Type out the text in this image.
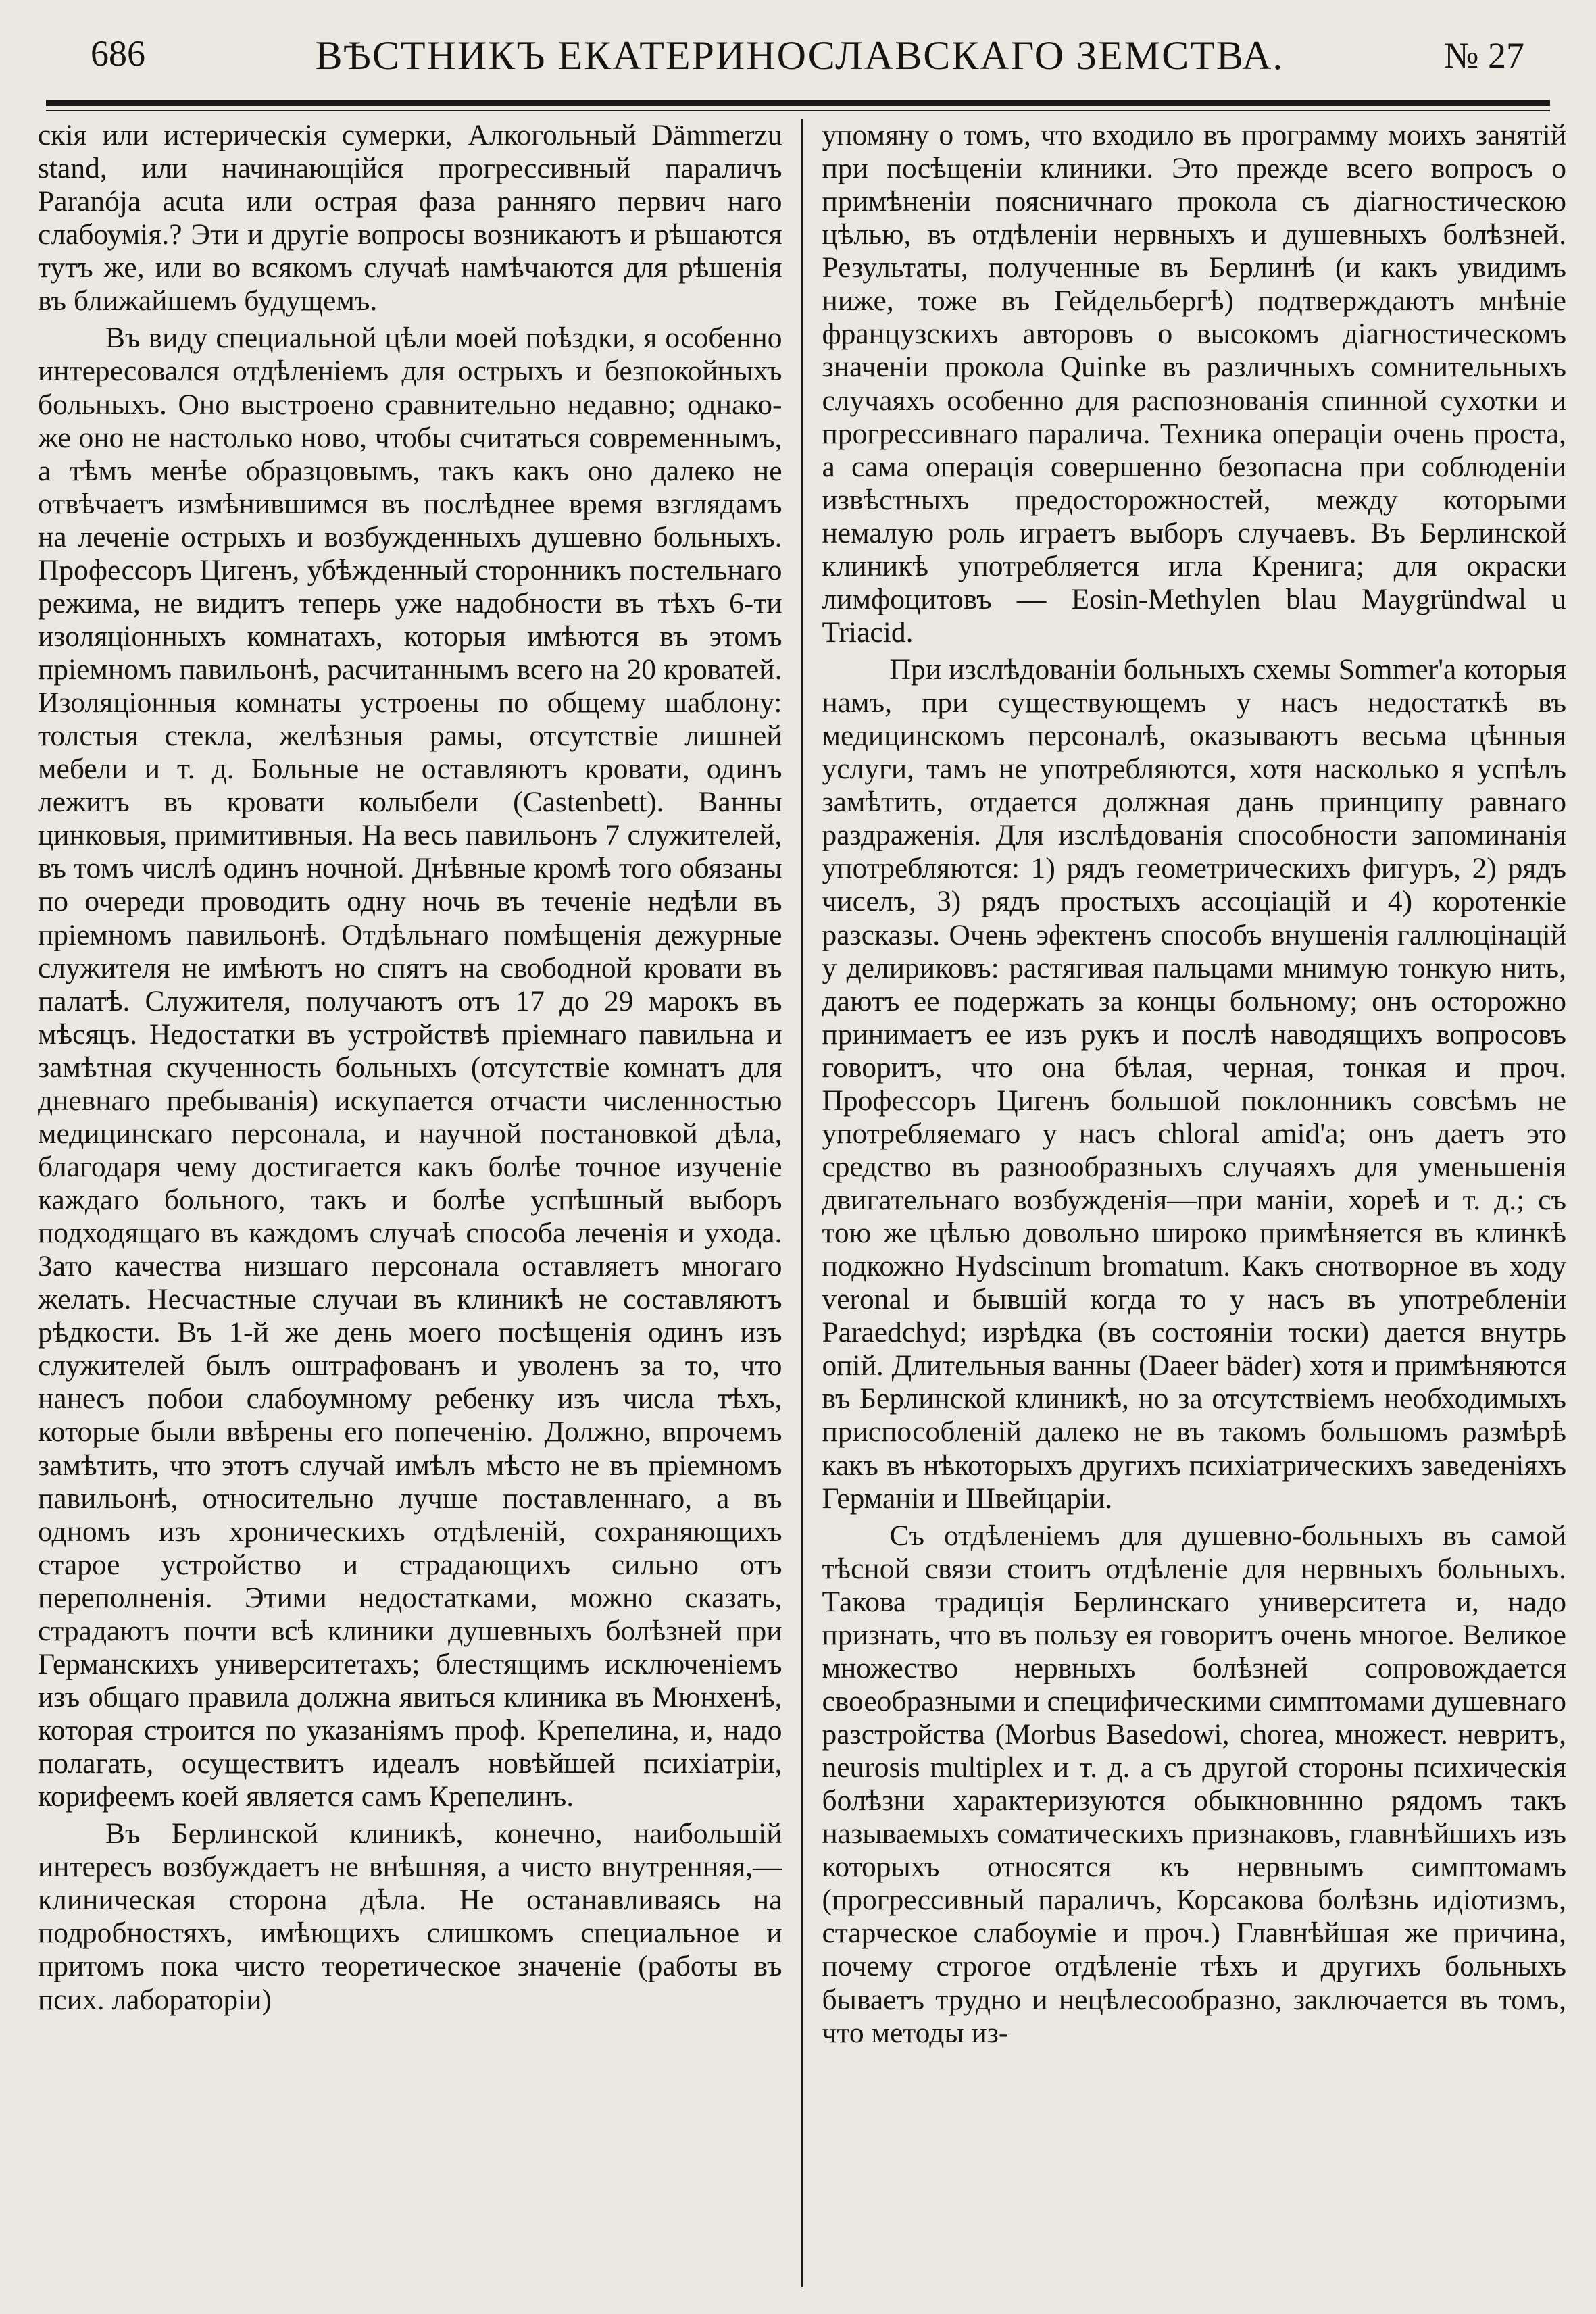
686	ВѢСТНИКЪ ЕКАТЕРИНОСЛАВСКАГО ЗЕМСТВА.	№ 27

скія или истерическія сумерки, Алкогольный Dämmerzu stand, или начинающійся прогрессивный параличъ Paranója acuta или острая фаза ранняго первич наго слабоумія.? Эти и другіе вопросы возникаютъ и рѣшаются тутъ же, или во всякомъ случаѣ намѣчаются для рѣшенія въ ближайшемъ будущемъ.

Въ виду специальной цѣли моей поѣздки, я особенно интересовался отдѣленіемъ для острыхъ и безпокойныхъ больныхъ. Оно выстроено сравнительно недавно; однако-же оно не настолько ново, чтобы считаться современнымъ, а тѣмъ менѣе образцовымъ, такъ какъ оно далеко не отвѣчаетъ измѣнившимся въ послѣднее время взглядамъ на леченіе острыхъ и возбужденныхъ душевно больныхъ. Профессоръ Цигенъ, убѣжденный сторонникъ постельнаго режима, не видитъ теперь уже надобности въ тѣхъ 6-ти изоляціонныхъ комнатахъ, которыя имѣются въ этомъ пріемномъ павильонѣ, расчитаннымъ всего на 20 кроватей. Изоляціонныя комнаты устроены по общему шаблону: толстыя стекла, желѣзныя рамы, отсутствіе лишней мебели и т. д. Больные не оставляютъ кровати, одинъ лежитъ въ кровати колыбели (Castenbett). Ванны цинковыя, примитивныя. На весь павильонъ 7 служителей, въ томъ числѣ одинъ ночной. Днѣвные кромѣ того обязаны по очереди проводить одну ночь въ теченіе недѣли въ пріемномъ павильонѣ. Отдѣльнаго помѣщенія дежурные служителя не имѣютъ но спятъ на свободной кровати въ палатѣ. Служителя, получаютъ отъ 17 до 29 марокъ въ мѣсяцъ. Недостатки въ устройствѣ пріемнаго павильна и замѣтная скученность больныхъ (отсутствіе комнатъ для дневнаго пребыванія) искупается отчасти численностью медицинскаго персонала, и научной постановкой дѣла, благодаря чему достигается какъ болѣе точное изученіе каждаго больного, такъ и болѣе успѣшный выборъ подходящаго въ каждомъ случаѣ способа леченія и ухода. Зато качества низшаго персонала оставляетъ многаго желать. Несчастные случаи въ клиникѣ не составляютъ рѣдкости. Въ 1-й же день моего посѣщенія одинъ изъ служителей былъ оштрафованъ и уволенъ за то, что нанесъ побои слабоумному ребенку изъ числа тѣхъ, которые были ввѣрены его попеченію. Должно, впрочемъ замѣтить, что этотъ случай имѣлъ мѣсто не въ пріемномъ павильонѣ, относительно лучше поставленнаго, а въ одномъ изъ хроническихъ отдѣленій, сохраняющихъ старое устройство и страдающихъ сильно отъ переполненія. Этими недостатками, можно сказать, страдаютъ почти всѣ клиники душевныхъ болѣзней при Германскихъ университетахъ; блестящимъ исключеніемъ изъ общаго правила должна явиться клиника въ Мюнхенѣ, которая строится по указаніямъ проф. Крепелина, и, надо полагать, осуществитъ идеалъ новѣйшей психіатріи, корифеемъ коей является самъ Крепелинъ.

Въ Берлинской клиникѣ, конечно, наибольшій интересъ возбуждаетъ не внѣшняя, а чисто внутренняя,—клиническая сторона дѣла. Не останавливаясь на подробностяхъ, имѣющихъ слишкомъ специальное и притомъ пока чисто теоретическое значеніе (работы въ псих. лабораторіи)

упомяну о томъ, что входило въ программу моихъ занятій при посѣщеніи клиники. Это прежде всего вопросъ о примѣненіи поясничнаго прокола съ діагностическою цѣлью, въ отдѣленіи нервныхъ и душевныхъ болѣзней. Результаты, полученные въ Берлинѣ (и какъ увидимъ ниже, тоже въ Гейдельбергѣ) подтверждаютъ мнѣніе французскихъ авторовъ о высокомъ діагностическомъ значеніи прокола Quinke въ различныхъ сомнительныхъ случаяхъ особенно для распознованія спинной сухотки и прогрессивнаго паралича. Техника операціи очень проста, а сама операція совершенно безопасна при соблюденіи извѣстныхъ предосторожностей, между которыми немалую роль играетъ выборъ случаевъ. Въ Берлинской клиникѣ употребляется игла Кренига; для окраски лимфоцитовъ — Eosin-Methylen blau Maygründwal u Triacid.

При изслѣдованіи больныхъ схемы Sommer'a которыя намъ, при существующемъ у насъ недостаткѣ въ медицинскомъ персоналѣ, оказываютъ весьма цѣнныя услуги, тамъ не употребляются, хотя насколько я успѣлъ замѣтить, отдается должная дань принципу равнаго раздраженія. Для изслѣдованія способности запоминанія употребляются: 1) рядъ геометрическихъ фигуръ, 2) рядъ чиселъ, 3) рядъ простыхъ ассоціацій и 4) коротенкіе разсказы. Очень эфектенъ способъ внушенія галлюцінацій у делириковъ: растягивая пальцами мнимую тонкую нить, даютъ ее подержать за концы больному; онъ осторожно принимаетъ ее изъ рукъ и послѣ наводящихъ вопросовъ говоритъ, что она бѣлая, черная, тонкая и проч. Профессоръ Цигенъ большой поклонникъ совсѣмъ не употребляемаго у насъ chloral amid'a; онъ даетъ это средство въ разнообразныхъ случаяхъ для уменьшенія двигательнаго возбужденія—при маніи, хореѣ и т. д.; съ тою же цѣлью довольно широко примѣняется въ клинкѣ подкожно Hydscinum bromatum. Какъ снотворное въ ходу veronal и бывшій когда то у насъ въ употребленіи Paraedchyd; изрѣдка (въ состояніи тоски) дается внутрь опій. Длительныя ванны (Daeer bäder) хотя и примѣняются въ Берлинской клиникѣ, но за отсутствіемъ необходимыхъ приспособленій далеко не въ такомъ большомъ размѣрѣ какъ въ нѣкоторыхъ другихъ психіатрическихъ заведеніяхъ Германіи и Швейцаріи.

Съ отдѣленіемъ для душевно-больныхъ въ самой тѣсной связи стоитъ отдѣленіе для нервныхъ больныхъ. Такова традиція Берлинскаго университета и, надо признать, что въ пользу ея говоритъ очень многое. Великое множество нервныхъ болѣзней сопровождается своеобразными и специфическими симптомами душевнаго разстройства (Morbus Basedowi, chorea, множест. невритъ, neurosis multiplex и т. д. а съ другой стороны психическія болѣзни характеризуются обыкновнннo рядомъ такъ называемыхъ соматическихъ признаковъ, главнѣйшихъ изъ которыхъ относятся къ нервнымъ симптомамъ (прогрессивный параличъ, Корсакова болѣзнь идіотизмъ, старческое слабоуміе и проч.) Главнѣйшая же причина, почему строгое отдѣленіе тѣхъ и другихъ больныхъ бываетъ трудно и нецѣлесообразно, заключается въ томъ, что методы из-
